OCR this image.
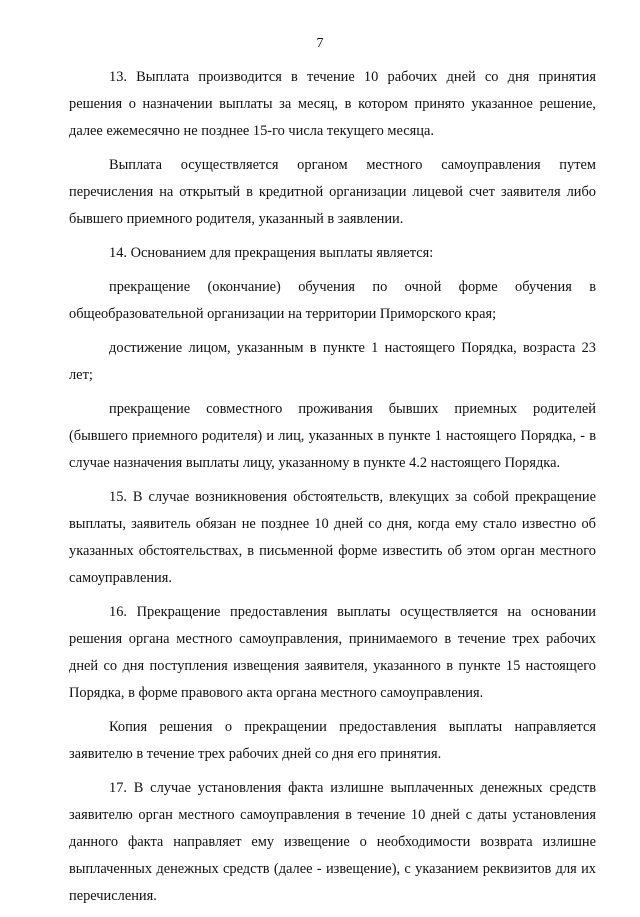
7

13. Выплата производится в течение 10 рабочих дней со дня принятия решения о назначении выплаты за месяц, в котором принято указанное решение, далее ежемесячно не позднее 15-го числа текущего месяца.

Выплата осуществляется органом местного самоуправления путем перечисления на открытый в кредитной организации лицевой счет заявителя либо бывшего приемного родителя, указанный в заявлении.

14. Основанием для прекращения выплаты является:

прекращение (окончание) обучения по очной форме обучения в общеобразовательной организации на территории Приморского края;

достижение лицом, указанным в пункте 1 настоящего Порядка, возраста 23 лет;

прекращение совместного проживания бывших приемных родителей (бывшего приемного родителя) и лиц, указанных в пункте 1 настоящего Порядка, - в случае назначения выплаты лицу, указанному в пункте 4.2 настоящего Порядка.

15. В случае возникновения обстоятельств, влекущих за собой прекращение выплаты, заявитель обязан не позднее 10 дней со дня, когда ему стало известно об указанных обстоятельствах, в письменной форме известить об этом орган местного самоуправления.

16. Прекращение предоставления выплаты осуществляется на основании решения органа местного самоуправления, принимаемого в течение трех рабочих дней со дня поступления извещения заявителя, указанного в пункте 15 настоящего Порядка, в форме правового акта органа местного самоуправления.

Копия решения о прекращении предоставления выплаты направляется заявителю в течение трех рабочих дней со дня его принятия.

17. В случае установления факта излишне выплаченных денежных средств заявителю орган местного самоуправления в течение 10 дней с даты установления данного факта направляет ему извещение о необходимости возврата излишне выплаченных денежных средств (далее - извещение), с указанием реквизитов для их перечисления.
